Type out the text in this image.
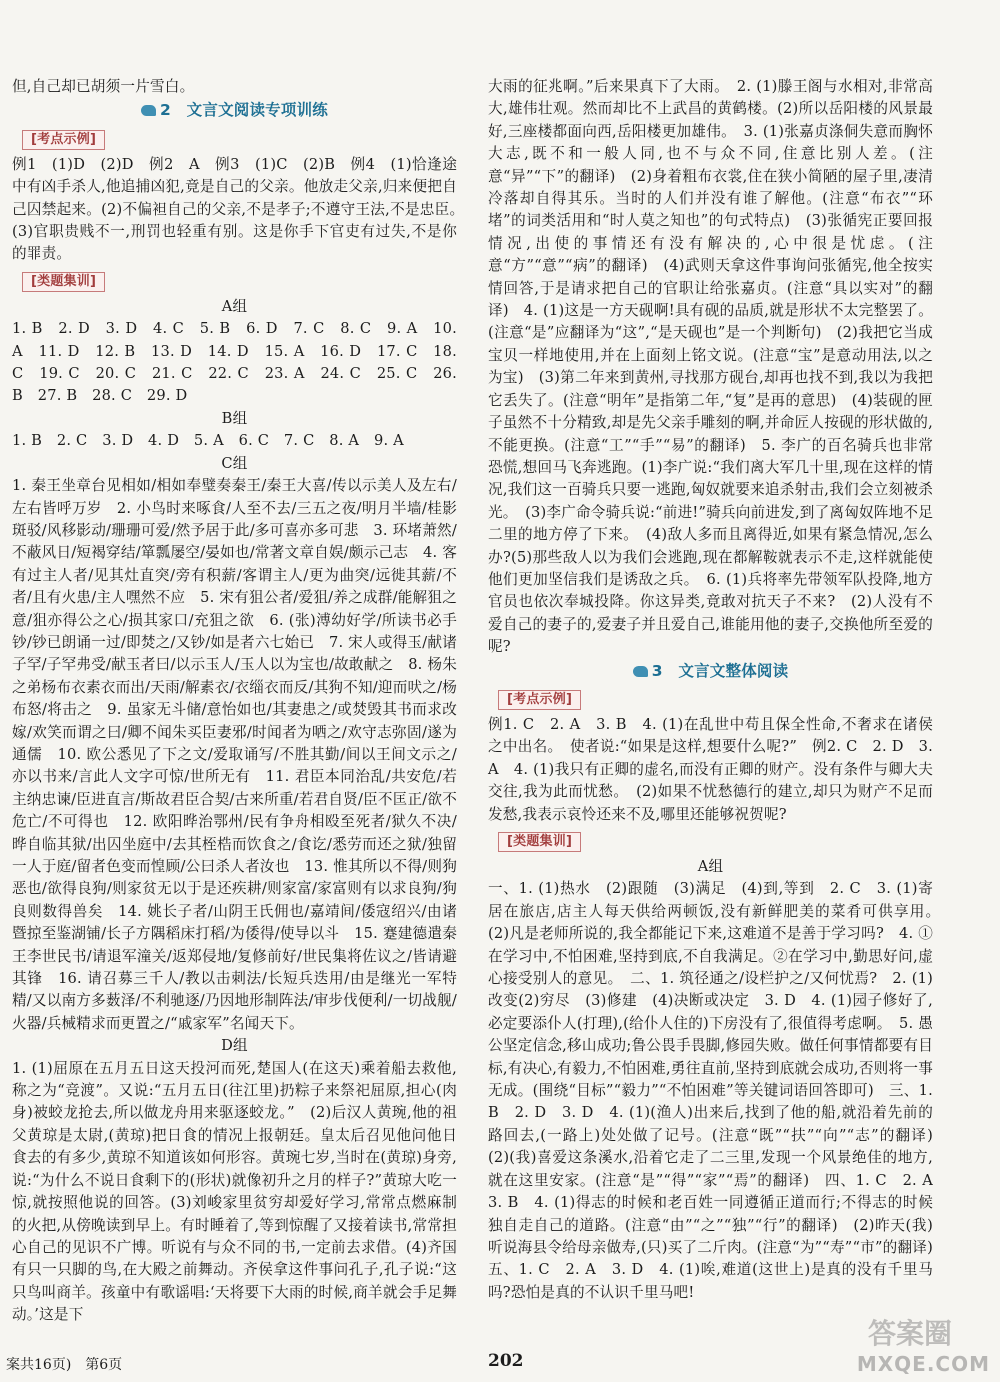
但,自己却已胡须一片雪白。

2　文言文阅读专项训练
[考点示例]

例1　(1)D　(2)D　例2　A　例3　(1)C　(2)B　例4　(1)恰逢途中有凶手杀人,他追捕凶犯,竟是自己的父亲。他放走父亲,归来便把自己囚禁起来。(2)不偏袒自己的父亲,不是孝子;不遵守王法,不是忠臣。　(3)官职贵贱不一,刑罚也轻重有别。这是你手下官吏有过失,不是你的罪责。

[类题集训]

A组

1. B　2. D　3. D　4. C　5. B　6. D　7. C　8. C　9. A　10. A　11. D　12. B　13. D　14. D　15. A　16. D　17. C　18. C　19. C　20. C　21. C　22. C　23. A　24. C　25. C　26. B　27. B　28. C　29. D

B组

1. B　2. C　3. D　4. D　5. A　6. C　7. C　8. A　9. A

C组

1. 秦王坐章台见相如/相如奉璧奏秦王/秦王大喜/传以示美人及左右/左右皆呼万岁　2. 小鸟时来啄食/人至不去/三五之夜/明月半墙/桂影斑驳/风移影动/珊珊可爱/然予居于此/多可喜亦多可悲　3. 环堵萧然/不蔽风日/短褐穿结/箪瓢屡空/晏如也/常著文章自娱/颇示己志　4. 客有过主人者/见其灶直突/旁有积薪/客谓主人/更为曲突/远徙其薪/不者/且有火患/主人嘿然不应　5. 宋有狙公者/爱狙/养之成群/能解狙之意/狙亦得公之心/损其家口/充狙之欲　6. (张)溥幼好学/所读书必手钞/钞已朗诵一过/即焚之/又钞/如是者六七始已　7. 宋人或得玉/献诸子罕/子罕弗受/献玉者曰/以示玉人/玉人以为宝也/故敢献之　8. 杨朱之弟杨布衣素衣而出/天雨/解素衣/衣缁衣而反/其狗不知/迎而吠之/杨布怒/将击之　9. 虽家无斗储/意怡如也/其妻患之/或焚毁其书而求改嫁/欢笑而谓之曰/卿不闻朱买臣妻邪/时闻者为哂之/欢守志弥固/遂为通儒　10. 欧公悉见了下之文/爱取诵写/不胜其勤/间以王间文示之/亦以书来/言此人文字可惊/世所无有　11. 君臣本同治乱/共安危/若主纳忠谏/臣进直言/斯故君臣合契/古来所重/若君自贤/臣不匡正/欲不危亡/不可得也　12. 欧阳晔治鄂州/民有争舟相殴至死者/狱久不决/晔自临其狱/出囚坐庭中/去其桎梏而饮食之/食讫/悉劳而还之狱/独留一人于庭/留者色变而惶顾/公曰杀人者汝也　13. 惟其所以不得/则狗恶也/欲得良狗/则家贫无以于是还疾耕/则家富/家富则有以求良狗/狗良则数得兽矣　14. 姚长子者/山阴王氏佣也/嘉靖间/倭寇绍兴/由诸暨掠至鉴湖铺/长子方隅稻床打稻/为倭得/使导以斗　15. 蹇建德遣秦王李世民书/请退军潼关/返郑侵地/复修前好/世民集将佐议之/皆请避其锋　16. 请召募三千人/教以击刺法/长短兵迭用/由是继光一军特精/又以南方多薮泽/不利驰逐/乃因地形制阵法/审步伐便利/一切战舰/火器/兵械精求而更置之/“戚家军”名闻天下。

D组

1. (1)屈原在五月五日这天投河而死,楚国人(在这天)乘着船去救他,称之为“竞渡”。又说:“五月五日(往江里)扔粽子来祭祀屈原,担心(肉身)被蛟龙抢去,所以做龙舟用来驱逐蛟龙。”　(2)后汉人黄琬,他的祖父黄琼是太尉,(黄琼)把日食的情况上报朝廷。皇太后召见他问他日食去的有多少,黄琼不知道该如何形容。黄琬七岁,当时在(黄琼)身旁,说:“为什么不说日食剩下的(形状)就像初升之月的样子?”黄琼大吃一惊,就按照他说的回答。(3)刘峻家里贫穷却爱好学习,常常点燃麻制的火把,从傍晚读到早上。有时睡着了,等到惊醒了又接着读书,常常担心自己的见识不广博。听说有与众不同的书,一定前去求借。(4)齐国有只一只脚的鸟,在大殿之前舞动。齐侯拿这件事问孔子,孔子说:“这只鸟叫商羊。孩童中有歌谣唱:‘天将要下大雨的时候,商羊就会手足舞动。’这是下

大雨的征兆啊。”后来果真下了大雨。　2. (1)滕王阁与水相对,非常高大,雄伟壮观。然而却比不上武昌的黄鹤楼。(2)所以岳阳楼的风景最好,三座楼都面向西,岳阳楼更加雄伟。　3. (1)张嘉贞涤侗失意而胸怀大志,既不和一般人同,也不与众不同,住意比别人差。(注意“异”“下”的翻译)　(2)身着粗布衣裳,住在狭小简陋的屋子里,凄清冷落却自得其乐。当时的人们并没有谁了解他。(注意“布衣”“环堵”的词类活用和“时人莫之知也”的句式特点)　(3)张循宪正要回报情况,出使的事情还有没有解决的,心中很是忧虑。(注意“方”“意”“病”的翻译)　(4)武则天拿这件事询问张循宪,他全按实情回答,于是请求把自己的官职让给张嘉贞。(注意“具以实对”的翻译)　4. (1)这是一方天砚啊!具有砚的品质,就是形状不太完整罢了。(注意“是”应翻译为“这”,“是天砚也”是一个判断句)　(2)我把它当成宝贝一样地使用,并在上面刻上铭文说。(注意“宝”是意动用法,以之为宝)　(3)第二年来到黄州,寻找那方砚台,却再也找不到,我以为我把它丢失了。(注意“明年”是指第二年,“复”是再的意思)　(4)装砚的匣子虽然不十分精致,却是先父亲手雕刻的啊,并命匠人按砚的形状做的,不能更换。(注意“工”“手”“易”的翻译)　5. 李广的百名骑兵也非常恐慌,想回马飞奔逃跑。(1)李广说:“我们离大军几十里,现在这样的情况,我们这一百骑兵只要一逃跑,匈奴就要来追杀射击,我们会立刻被杀光。　(3)李广命令骑兵说:“前进!”骑兵向前进发,到了离匈奴阵地不足二里的地方停了下来。　(4)敌人多而且离得近,如果有紧急情况,怎么办?(5)那些敌人以为我们会逃跑,现在都解鞍就表示不走,这样就能使他们更加坚信我们是诱敌之兵。　6. (1)兵将率先带领军队投降,地方官员也依次奉城投降。你这异类,竟敢对抗天子不来?　(2)人没有不爱自己的妻子的,爱妻子并且爱自己,谁能用他的妻子,交换他所至爱的呢?

3　文言文整体阅读
[考点示例]

例1. C　2. A　3. B　4. (1)在乱世中苟且保全性命,不奢求在诸侯之中出名。　使者说:“如果是这样,想要什么呢?”　例2. C　2. D　3. A　4. (1)我只有正卿的虚名,而没有正卿的财产。没有条件与卿大夫交往,我为此而忧愁。　(2)如果不忧愁德行的建立,却只为财产不足而发愁,我表示哀怜还来不及,哪里还能够祝贺呢?

[类题集训]

A组

一、1. (1)热水　(2)跟随　(3)满足　(4)到,等到　2. C　3. (1)寄居在旅店,店主人每天供给两顿饭,没有新鲜肥美的菜肴可供享用。　(2)凡是老师所说的,我全都能记下来,这难道不是善于学习吗?　4. ①在学习中,不怕困难,坚持到底,不自我满足。②在学习中,勤思好问,虚心接受别人的意见。　二、1. 筑径通之/设栏护之/又何忧焉?　2. (1)改变(2)穷尽　(3)修建　(4)决断或决定　3. D　4. (1)园子修好了,必定要添仆人(打理),(给仆人住的)下房没有了,很值得考虑啊。　5. 愚公坚定信念,移山成功;鲁公畏手畏脚,修园失败。做任何事情都要有目标,有决心,有毅力,不怕困难,勇往直前,坚持到底就会成功,否则将一事无成。(围绕“目标”“毅力”“不怕困难”等关键词语回答即可)　三、1. B　2. D　3. D　4. (1)(渔人)出来后,找到了他的船,就沿着先前的路回去,(一路上)处处做了记号。(注意“既”“扶”“向”“志”的翻译)　(2)(我)喜爱这条溪水,沿着它走了二三里,发现一个风景绝佳的地方,就在这里安家。(注意“是”“得”“家”“焉”的翻译)　四、1. C　2. A　3. B　4. (1)得志的时候和老百姓一同遵循正道而行;不得志的时候独自走自己的道路。(注意“由”“之”“独”“行”的翻译)　(2)昨天(我)听说海县令给母亲做寿,(只)买了二斤肉。(注意“为”“寿”“市”的翻译)　五、1. C　2. A　3. D　4. (1)唉,难道(这世上)是真的没有千里马吗?恐怕是真的不认识千里马吧!

案共16页)　第6页	202
答案圈
MXQE.COM
